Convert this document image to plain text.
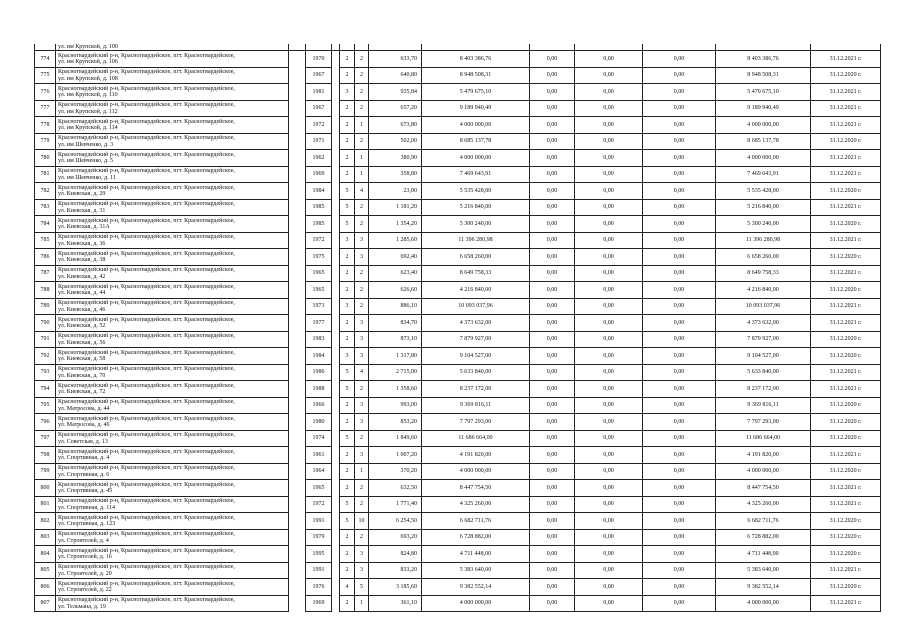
	ул. им Крупской, д. 100												
774	Красногвардейский р-н, Красногвардейское, пгт. Красногвардейское,
ул. им Крупской, д. 106		1970		2	2	633,70	8 403 386,76	0,00	0,00	0,00	8 403 386,76	31.12.2021 г.
775	Красногвардейский р-н, Красногвардейское, пгт. Красногвардейское,
ул. им Крупской, д. 108		1967		2	2	640,80	8 948 508,31	0,00	0,00	0,00	8 948 508,31	31.12.2020 г.
776	Красногвардейский р-н, Красногвардейское, пгт. Красногвардейское,
ул. им Крупской, д. 110		1981		3	2	935,84	5 479 675,10	0,00	0,00	0,00	5 479 675,10	31.12.2021 г.
777	Красногвардейский р-н, Красногвардейское, пгт. Красногвардейское,
ул. им Крупской, д. 112		1967		2	2	657,20	9 189 940,49	0,00	0,00	0,00	9 189 940,49	31.12.2021 г.
778	Красногвардейский р-н, Красногвардейское, пгт. Красногвардейское,
ул. им Крупской, д. 114		1972		2	1	673,80	4 000 000,00	0,00	0,00	0,00	4 000 000,00	31.12.2021 г.
779	Красногвардейский р-н, Красногвардейское, пгт. Красногвардейское,
ул. им Шевченко, д. 3		1971		2	2	502,00	8 685 137,78	0,00	0,00	0,00	8 685 137,78	31.12.2020 г.
780	Красногвардейский р-н, Красногвардейское, пгт. Красногвардейское,
ул. им Шевченко, д. 5		1962		2	1	380,90	4 000 000,00	0,00	0,00	0,00	4 000 000,00	31.12.2021 г.
781	Красногвардейский р-н, Красногвардейское, пгт. Красногвардейское,
ул. им Шевченко, д. 11		1969		2	1	358,80	7 469 643,91	0,00	0,00	0,00	7 469 643,91	31.12.2021 г.
782	Красногвардейский р-н, Красногвардейское, пгт. Красногвардейское,
ул. Киевская, д. 29		1984		5	4	23,00	5 535 428,00	0,00	0,00	0,00	5 535 428,00	31.12.2020 г.
783	Красногвардейский р-н, Красногвардейское, пгт. Красногвардейское,
ул. Киевская, д. 31		1985		5	2	1 181,20	5 216 840,00	0,00	0,00	0,00	5 216 840,00	31.12.2021 г.
784	Красногвардейский р-н, Красногвардейское, пгт. Красногвардейское,
ул. Киевская, д. 31А		1985		5	2	1 354,20	5 300 240,00	0,00	0,00	0,00	5 300 240,00	31.12.2020 г.
785	Красногвардейский р-н, Красногвардейское, пгт. Красногвардейское,
ул. Киевская, д. 36		1972		3	3	1 285,60	11 396 280,98	0,00	0,00	0,00	11 396 280,98	31.12.2021 г.
786	Красногвардейский р-н, Красногвардейское, пгт. Красногвардейское,
ул. Киевская, д. 38		1975		2	3	692,40	6 658 260,00	0,00	0,00	0,00	6 658 260,00	31.12.2020 г.
787	Красногвардейский р-н, Красногвардейское, пгт. Красногвардейское,
ул. Киевская, д. 42		1965		2	2	623,40	8 649 758,33	0,00	0,00	0,00	8 649 758,33	31.12.2021 г.
788	Красногвардейский р-н, Красногвардейское, пгт. Красногвардейское,
ул. Киевская, д. 44		1965		2	2	626,60	4 216 840,00	0,00	0,00	0,00	4 216 840,00	31.12.2020 г.
789	Красногвардейский р-н, Красногвардейское, пгт. Красногвардейское,
ул. Киевская, д. 46		1973		3	2	886,10	10 093 037,96	0,00	0,00	0,00	10 093 037,96	31.12.2021 г.
790	Красногвардейский р-н, Красногвардейское, пгт. Красногвардейское,
ул. Киевская, д. 52		1977		2	3	834,70	4 373 632,00	0,00	0,00	0,00	4 373 632,00	31.12.2021 г.
791	Красногвардейский р-н, Красногвардейское, пгт. Красногвардейское,
ул. Киевская, д. 56		1983		2	3	873,10	7 879 927,00	0,00	0,00	0,00	7 879 927,00	31.12.2020 г.
792	Красногвардейский р-н, Красногвардейское, пгт. Красногвардейское,
ул. Киевская, д. 58		1984		3	3	1 317,80	9 104 527,00	0,00	0,00	0,00	9 104 527,00	31.12.2020 г.
793	Красногвардейский р-н, Красногвардейское, пгт. Красногвардейское,
ул. Киевская, д. 70		1986		5	4	2 715,00	5 633 840,00	0,00	0,00	0,00	5 633 840,00	31.12.2021 г.
794	Красногвардейский р-н, Красногвардейское, пгт. Красногвардейское,
ул. Киевская, д. 72		1988		5	2	1 358,60	8 237 172,00	0,00	0,00	0,00	8 237 172,00	31.12.2021 г.
795	Красногвардейский р-н, Красногвардейское, пгт. Красногвардейское,
ул. Матросова, д. 44		1966		2	3	993,00	9 369 816,11	0,00	0,00	0,00	9 369 816,11	31.12.2020 г.
796	Красногвардейский р-н, Красногвардейское, пгт. Красногвардейское,
ул. Матросова, д. 46		1980		2	3	853,20	7 797 293,00	0,00	0,00	0,00	7 797 293,00	31.12.2020 г.
797	Красногвардейский р-н, Красногвардейское, пгт. Красногвардейское,
ул. Советская, д. 13		1974		5	2	1 849,60	11 686 664,00	0,00	0,00	0,00	11 686 664,00	31.12.2020 г.
798	Красногвардейский р-н, Красногвардейское, пгт. Красногвардейское,
ул. Спортивная, д. 4		1961		2	3	1 007,20	4 191 820,00	0,00	0,00	0,00	4 191 820,00	31.12.2021 г.
799	Красногвардейский р-н, Красногвардейское, пгт. Красногвардейское,
ул. Спортивная, д. 6		1964		2	1	370,20	4 000 000,00	0,00	0,00	0,00	4 000 000,00	31.12.2020 г.
800	Красногвардейский р-н, Красногвардейское, пгт. Красногвардейское,
ул. Спортивная, д. 45		1965		2	2	632,50	8 447 754,50	0,00	0,00	0,00	8 447 754,50	31.12.2021 г.
801	Красногвардейский р-н, Красногвардейское, пгт. Красногвардейское,
ул. Спортивная, д. 114		1972		5	2	1 771,40	4 325 260,00	0,00	0,00	0,00	4 325 260,00	31.12.2021 г.
802	Красногвардейский р-н, Красногвардейское, пгт. Красногвардейское,
ул. Спортивная, д. 123		1991		5	10	6 254,50	6 682 711,76	0,00	0,00	0,00	6 682 711,76	31.12.2020 г.
803	Красногвардейский р-н, Красногвардейское, пгт. Красногвардейское,
ул. Строителей, д. 4		1979		2	2	693,20	6 728 882,00	0,00	0,00	0,00	6 728 882,00	31.12.2020 г.
804	Красногвардейский р-н, Красногвардейское, пгт. Красногвардейское,
ул. Строителей, д. 16		1995		2	3	824,80	4 711 448,00	0,00	0,00	0,00	4 711 448,00	31.12.2020 г.
805	Красногвардейский р-н, Красногвардейское, пгт. Красногвардейское,
ул. Строителей, д. 20		1991		2	3	833,20	5 383 640,00	0,00	0,00	0,00	5 383 640,00	31.12.2021 г.
806	Красногвардейский р-н, Красногвардейское, пгт. Красногвардейское,
ул. Строителей, д. 22		1976		4	5	3 185,60	9 382 552,14	0,00	0,00	0,00	9 382 552,14	31.12.2020 г.
807	Красногвардейский р-н, Красногвардейское, пгт. Красногвардейское,
ул. Тельмана, д. 19		1969		2	1	361,10	4 000 000,00	0,00	0,00	0,00	4 000 000,00	31.12.2021 г.
